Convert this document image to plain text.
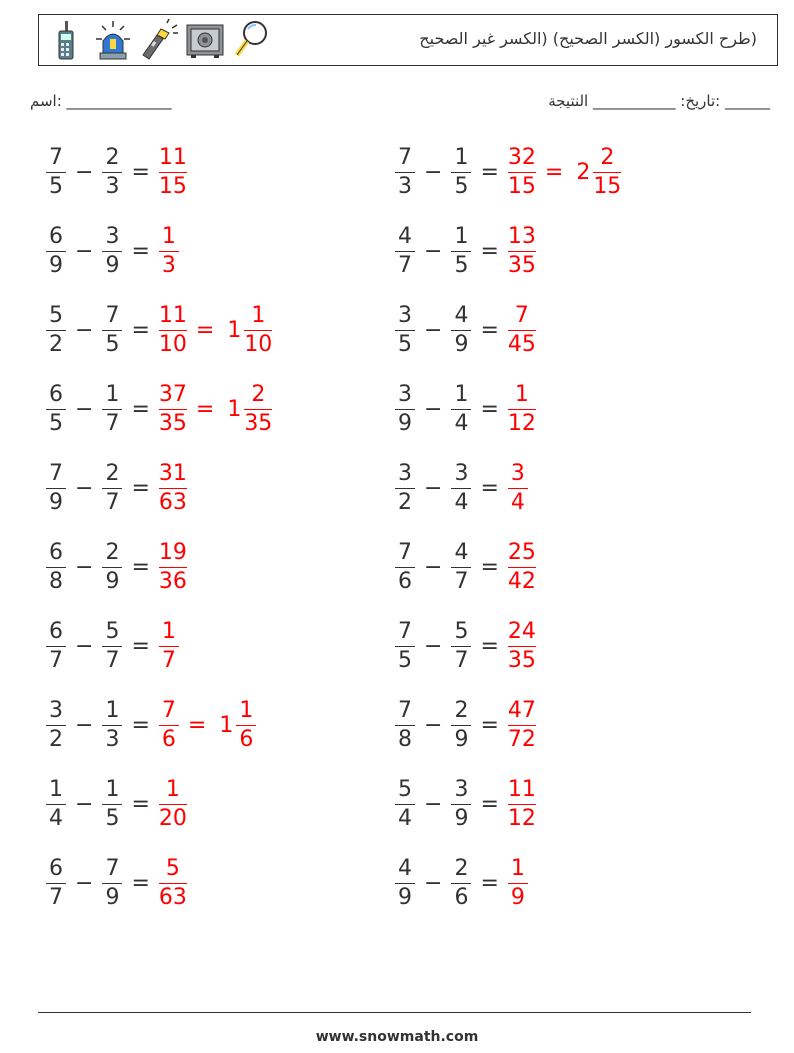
(طرح الكسور (الكسر الصحيح) (الكسر غير الصحيح
اسم: ______________	______ :تاريخ: ___________ النتيجة
$\frac{7}{5} - \frac{2}{3} = \frac{11}{15}$	$\frac{7}{3} - \frac{1}{5} = \frac{32}{15} = 2 \frac{2}{15}$
$\frac{6}{9} - \frac{3}{9} = \frac{1}{3}$	$\frac{4}{7} - \frac{1}{5} = \frac{13}{35}$
$\frac{5}{2} - \frac{7}{5} = \frac{11}{10} = 1 \frac{1}{10}$	$\frac{3}{5} - \frac{4}{9} = \frac{7}{45}$
$\frac{6}{5} - \frac{1}{7} = \frac{37}{35} = 1 \frac{2}{35}$	$\frac{3}{9} - \frac{1}{4} = \frac{1}{12}$
$\frac{7}{9} - \frac{2}{7} = \frac{31}{63}$	$\frac{3}{2} - \frac{3}{4} = \frac{3}{4}$
$\frac{6}{8} - \frac{2}{9} = \frac{19}{36}$	$\frac{7}{6} - \frac{4}{7} = \frac{25}{42}$
$\frac{6}{7} - \frac{5}{7} = \frac{1}{7}$	$\frac{7}{5} - \frac{5}{7} = \frac{24}{35}$
$\frac{3}{2} - \frac{1}{3} = \frac{7}{6} = 1 \frac{1}{6}$	$\frac{7}{8} - \frac{2}{9} = \frac{47}{72}$
$\frac{1}{4} - \frac{1}{5} = \frac{1}{20}$	$\frac{5}{4} - \frac{3}{9} = \frac{11}{12}$
$\frac{6}{7} - \frac{7}{9} = \frac{5}{63}$	$\frac{4}{9} - \frac{2}{6} = \frac{1}{9}$
www.snowmath.com
